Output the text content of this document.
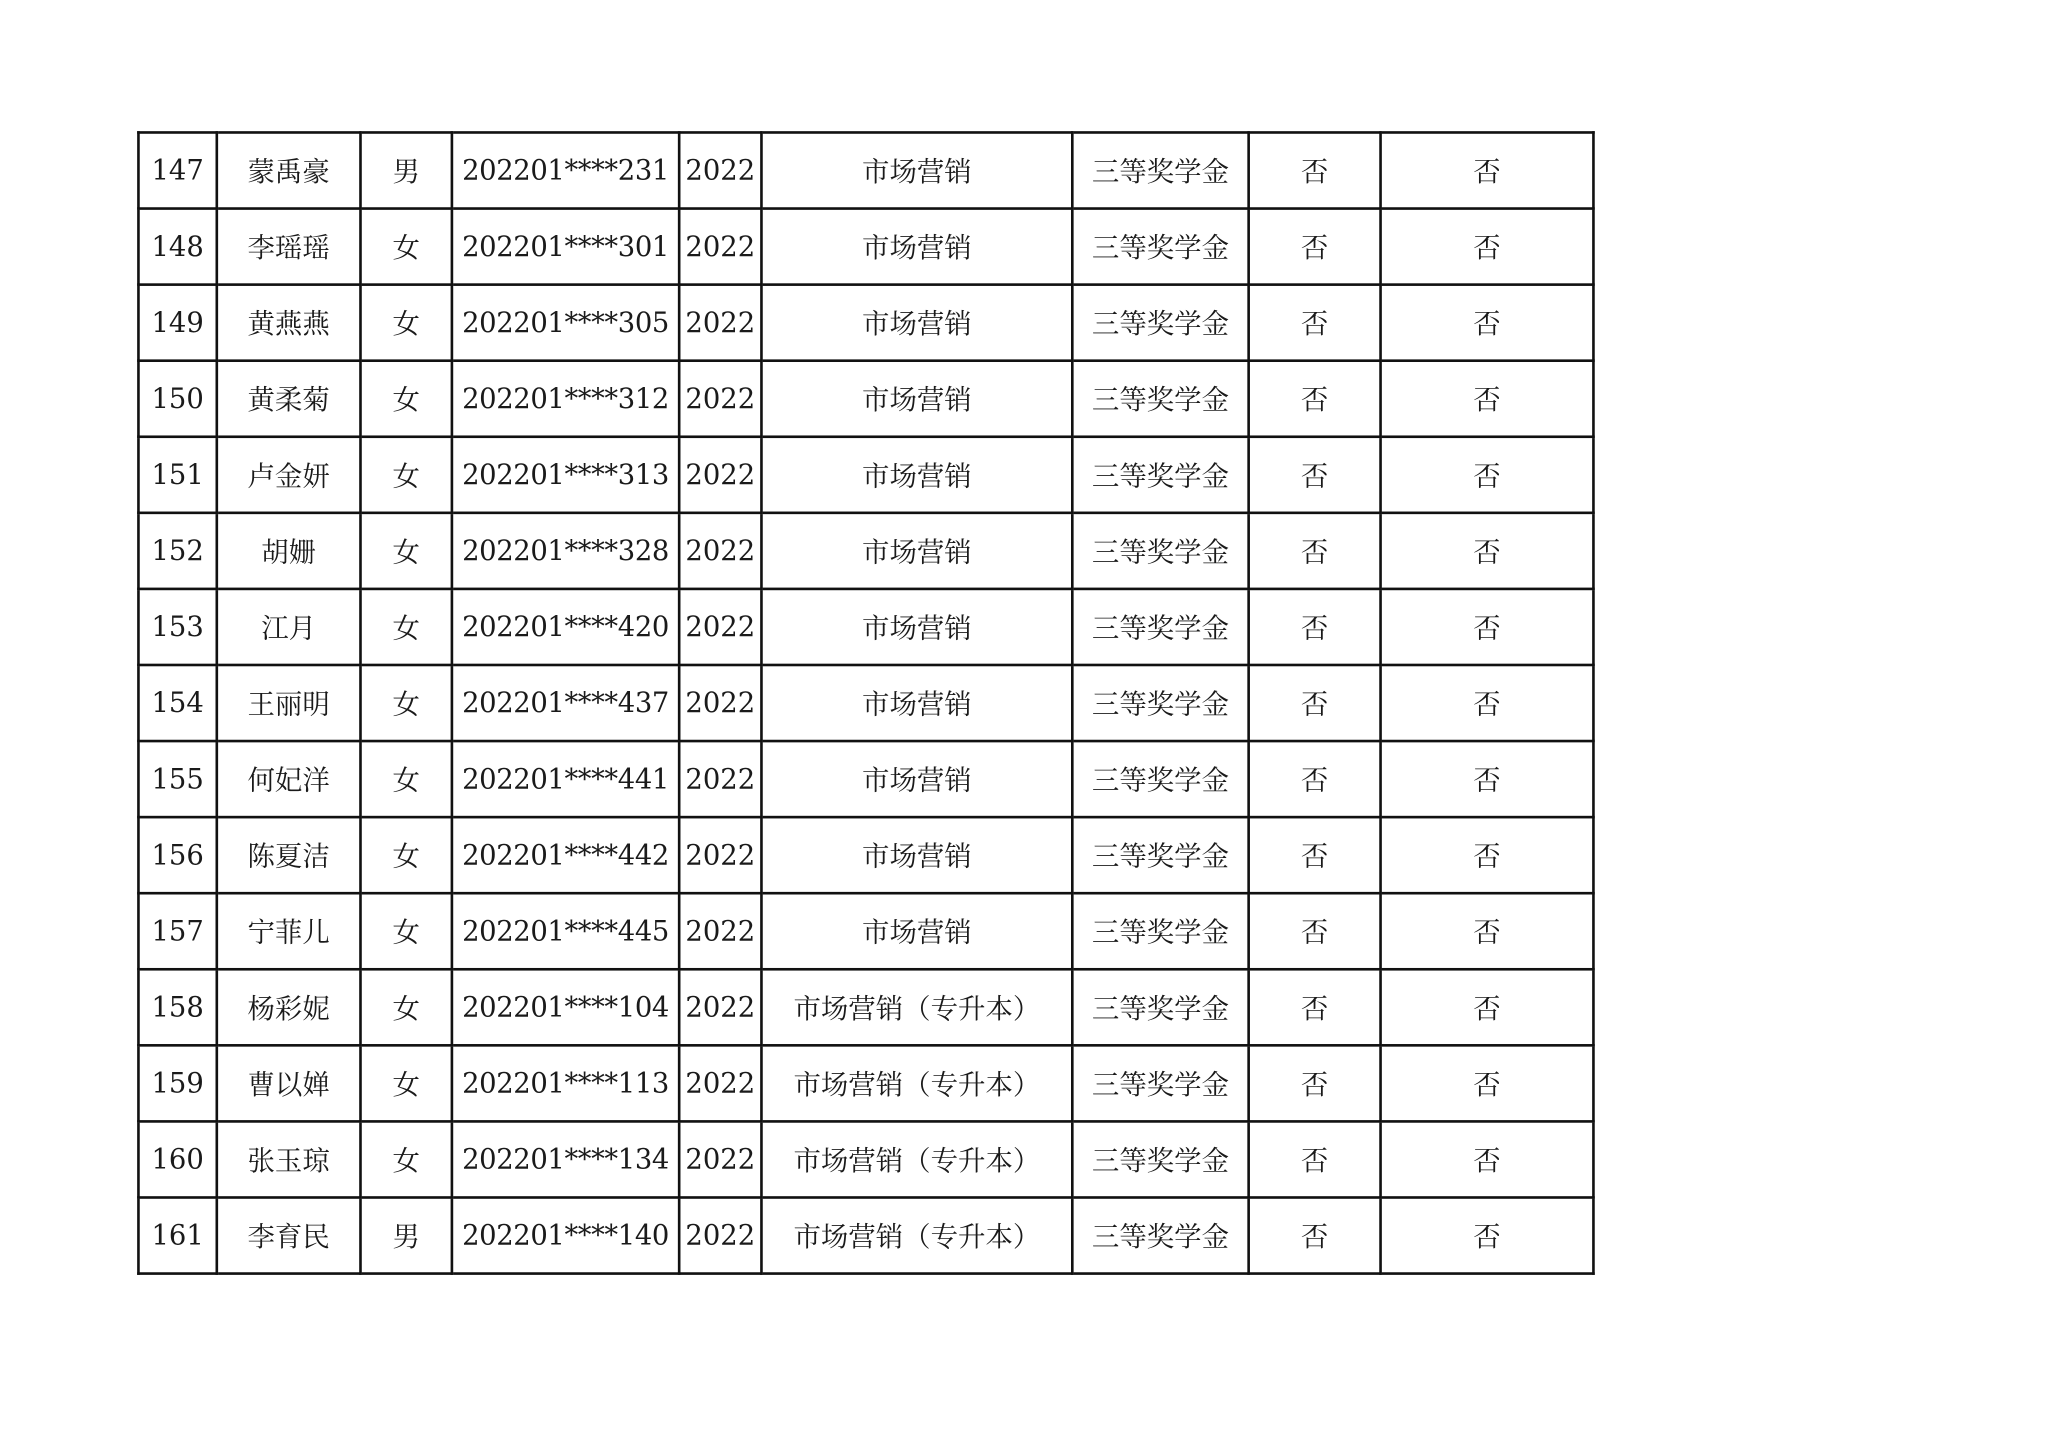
147	蒙禹豪	男	202201****231	2022	市场营销	三等奖学金	否	否
148	李瑶瑶	女	202201****301	2022	市场营销	三等奖学金	否	否
149	黄燕燕	女	202201****305	2022	市场营销	三等奖学金	否	否
150	黄柔菊	女	202201****312	2022	市场营销	三等奖学金	否	否
151	卢金妍	女	202201****313	2022	市场营销	三等奖学金	否	否
152	胡姗	女	202201****328	2022	市场营销	三等奖学金	否	否
153	江月	女	202201****420	2022	市场营销	三等奖学金	否	否
154	王丽明	女	202201****437	2022	市场营销	三等奖学金	否	否
155	何妃洋	女	202201****441	2022	市场营销	三等奖学金	否	否
156	陈夏洁	女	202201****442	2022	市场营销	三等奖学金	否	否
157	宁菲儿	女	202201****445	2022	市场营销	三等奖学金	否	否
158	杨彩妮	女	202201****104	2022	市场营销（专升本）	三等奖学金	否	否
159	曹以婵	女	202201****113	2022	市场营销（专升本）	三等奖学金	否	否
160	张玉琼	女	202201****134	2022	市场营销（专升本）	三等奖学金	否	否
161	李育民	男	202201****140	2022	市场营销（专升本）	三等奖学金	否	否
